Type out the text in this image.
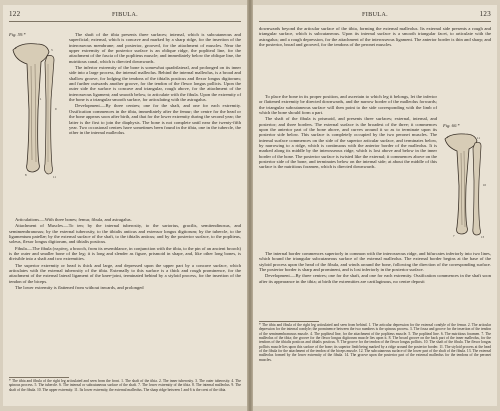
122	FIBULA.
Fig. 59.*
2	3
1
9
8	11

The shaft of the tibia presents three surfaces; internal, which is subcutaneous and superficial; external, which is concave and marked by a sharp ridge, for the insertion of the interosseous membrane; and posterior, grooved, for the attachment of muscles. Near the upper extremity of the posterior surface is an oblique ridge, the popliteal line, for the attachment of the fascia of the popliteus muscle; and immediately below the oblique line, the nutritious canal, which is directed downwards.

The inferior extremity of the bone is somewhat quadrilateral, and prolonged on its inner side into a large process, the internal malleolus. Behind the internal malleolus, is a broad and shallow groove, for lodging the tendons of the tibialis posticus and flexor longus digitorum; and further outwards another groove, for the tendon of the flexor longus pollicis. Upon the outer side the surface is concave and triangular, rough above, for the attachment of the interosseous ligament; and smooth below, to articulate with the fibula. Upon the extremity of the bone is a triangular smooth surface, for articulating with the astragalus.

Development.—By three centres; one for the shaft, and one for each extremity. Ossification commences in the tibia, immediately after the femur; the centre for the head or the bone appears soon after birth, and that for the lower extremity during the second year; the latter is the first to join the diaphysis. The bone is not complete until near the twenty-fifth year. Two occasional centres have sometimes been found in the tibia, one in the tubercle, the other in the internal malleolus.

Articulations.—With three bones; femur, fibula, and astragalus.

Attachment of Muscles.—To ten; by the internal tuberosity, to the sartorius, gracilis, semitendinosus, and semimembranosus; by the external tuberosity, to the tibialis anticus and extensor longus digitorum; by the tubercle, to the ligamentum patellæ; by the external surface of the shaft, to the tibialis anticus; and by the posterior surface, to the popliteus, soleus, flexor longus digitorum, and tibialis posticus.

Fibula.—The fibula (περόνη, a brooch, from its resemblance, in conjunction with the tibia, to the pin of an ancient brooch) is the outer and smaller bone of the leg; it is long and slender as figure, prismoid in shape, and, like other long bones, is divisible into a shaft and two extremities.

The superior extremity or head is thick and large, and depressed upon the upper part by a concave surface, which articulates with the external tuberosity of the tibia. Externally to this surface is a thick and rough prominence, for the attachment of the external lateral ligament of the knee-joint, terminated behind by a styloid process, for the insertion of the tendon of the biceps.

The lower extremity is flattened from without inwards, and prolonged

* The tibia and fibula of the right leg articulated and seen from the front. 1. The shaft of the tibia. 2. The inner tuberosity. 3. The outer tuberosity. 4. The spinous process. 5. The tubercle. 6. The internal or subcutaneous surface of the shaft. 7. The lower extremity of the tibia. 8. The internal malleolus. 9. The shaft of the fibula. 10. The upper extremity. 11. Its lower extremity, the external malleolus. The sharp ridge between 1 and 6 is the crest of the tibia.
FIBULA.	123

downwards beyond the articular surface of the tibia, forming the external malleolus. Its external side presents a rough and triangular surface, which is subcutaneous. Upon its internal surface is a smooth triangular facet, to articulate with the astragalus; and a rough depression, for the attachment of the interosseous ligament. The anterior border is thin and sharp; and the posterior, broad and grooved, for the tendons of the peronei muscles.

To place the bone in its proper position, and ascertain to which leg it belongs, let the inferior or flattened extremity be directed downwards, and the narrow border of the malleolus forwards; the triangular subcutaneous surface will then point to the side corresponding with the limb of which the bone should form a part.

The shaft of the fibula is prismoid, and presents three surfaces; external, internal, and posterior; and three borders. The external surface is the broadest of the three; it commences upon the anterior part of the bone above, and curves around it so as to terminate upon its posterior side below. This surface is completely occupied by the two peronei muscles. The internal surface commences on the side of the superior articular surface, and terminates below, by narrowing to a ridge, which is continuous with the anterior border of the malleolus. It is marked along its middle by the interosseous ridge, which is lost above and below in the inner border of the bone. The posterior surface is twisted like the external; it commences above on the posterior side of the bone, and terminates below on the internal side; at about the middle of this surface is the nutritious foramen, which is directed downwards.

Fig. 60.*
1	11
10
7	13

The internal border commences superiorly in common with the interosseous ridge, and bifurcates inferiorly into two lines, which bound the triangular subcutaneous surface of the external malleolus. The external border begins at the base of the styloid process upon the head of the fibula, and winds around the bone, following the direction of the corresponding surface. The posterior border is sharp and prominent, and is lost inferiorly in the posterior surface.

Development.—By three centres; one for the shaft, and one for each extremity. Ossification commences in the shaft soon after its appearance in the tibia; at birth the extremities are cartilaginous, no centre deposit

* The tibia and fibula of the right leg articulated and seen from behind. 1. The articular depression for the external condyle of the femur. 2. The articular depression for the internal condyle; the prominence between the two numbers is the spinous process. 3. The fossa and groove for the insertion of the tendon of the semimembranosus muscle. 4. The popliteal line, for the attachment of the popliteus muscle. 5. The popliteal line. 6. The nutritious foramen. 7. The malleolus of the tibia; the groove for the flexor longus digitorum muscle lies upon it. 8. The broad groove on the back part of the inner malleolus, for the tendons of the tibialis posticus and tibialis posticus. 9. The groove for the tendon of the flexor longus pollicis. 10. The shaft of the fibula. The flexor longus pollicis muscle lies upon this surface of the bone; its superior limb being marked by a ridge around the posterior border. 11. The styloid process at the head of the fibula for the attachment of the tendon of the biceps muscle. 12. The subcutaneous surface of the lower part of the shaft of the fibula. 13. The external malleolus formed by the lower extremity of the fibula. 14. The groove upon the posterior part of the external malleolus for the tendons of the peronei muscles.
